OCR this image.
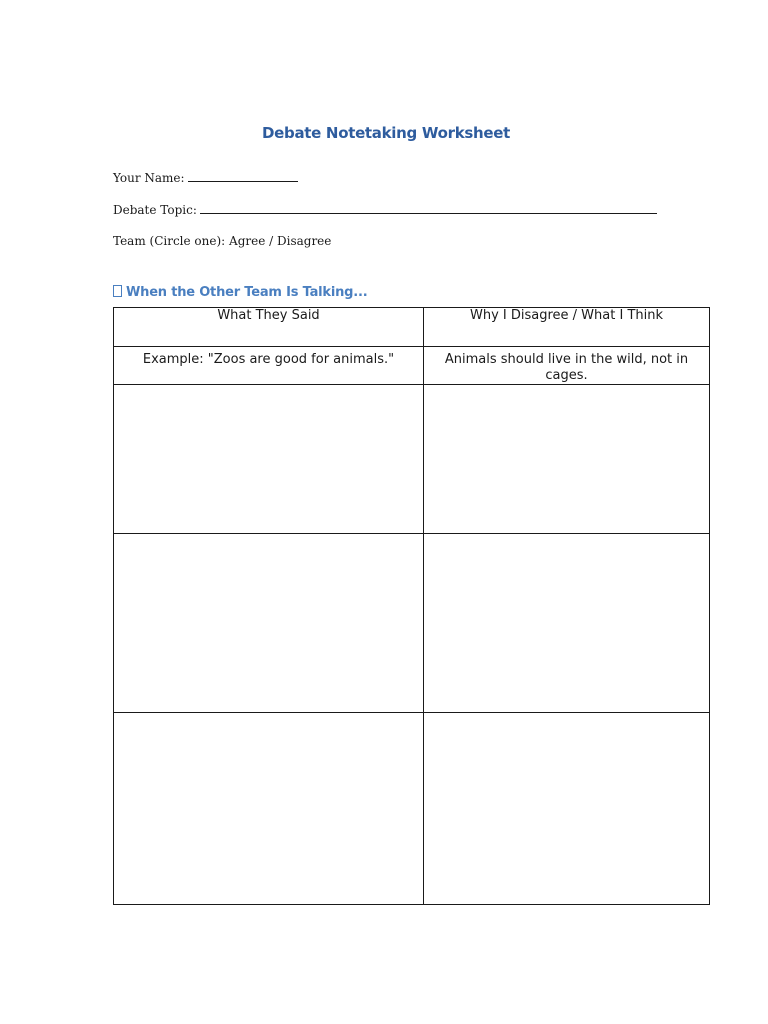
Debate Notetaking Worksheet
Your Name:
Debate Topic:
Team (Circle one): Agree / Disagree
When the Other Team Is Talking...
What They Said	Why I Disagree / What I Think
Example: "Zoos are good for animals."	Animals should live in the wild, not in cages.
